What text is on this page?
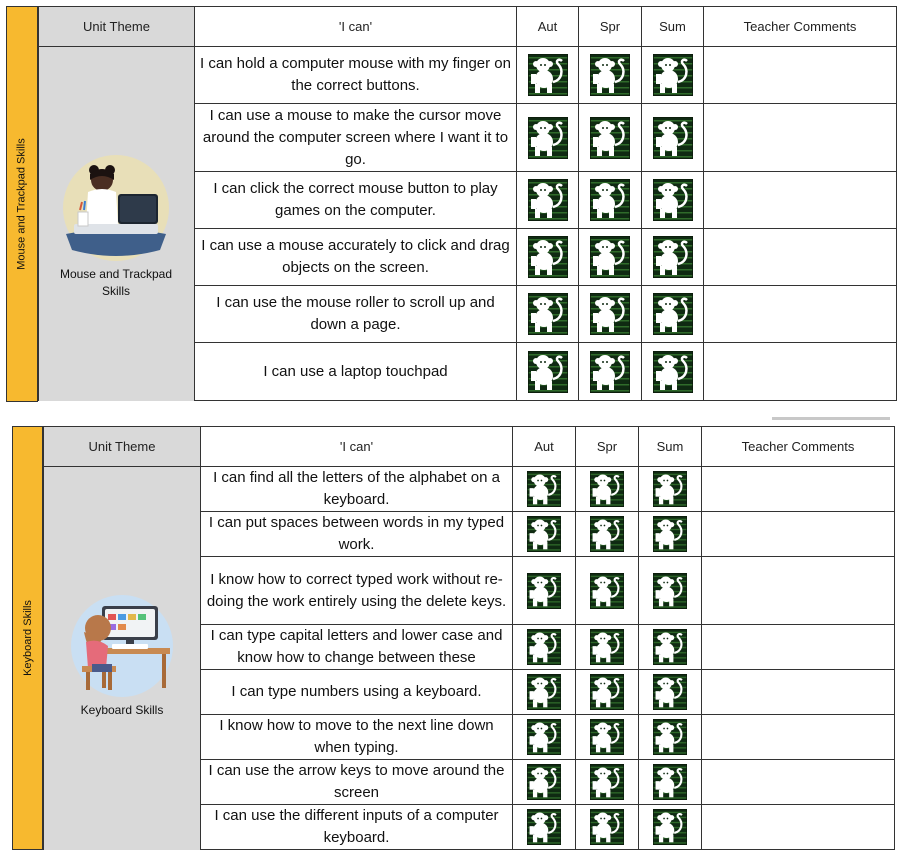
Mouse and Trackpad Skills
Unit Theme	'I can'	Aut	Spr	Sum	Teacher Comments
	I can hold a computer mouse with my finger on the correct buttons.				
	I can use a mouse to make the cursor move around the computer screen where I want it to go.				
	I can click the correct mouse button to play games on the computer.				
	I can use a mouse accurately to click and drag objects on the screen.				
	I can use the mouse roller to scroll up and down a page.				
	I can use a laptop touchpad				
Mouse and Trackpad
Skills
Keyboard Skills
Unit Theme	'I can'	Aut	Spr	Sum	Teacher Comments
	I can find all the letters of the alphabet on a keyboard.				
	I can put spaces between words in my typed work.				
	I know how to correct typed work without re-doing the work entirely using the delete keys.				
	I can type capital letters and lower case and know how to change between these				
	I can type numbers using a keyboard.				
	I know how to move to the next line down when typing.				
	I can use the arrow keys to move around the screen				
	I can use the different inputs of a computer keyboard.				
Keyboard Skills
